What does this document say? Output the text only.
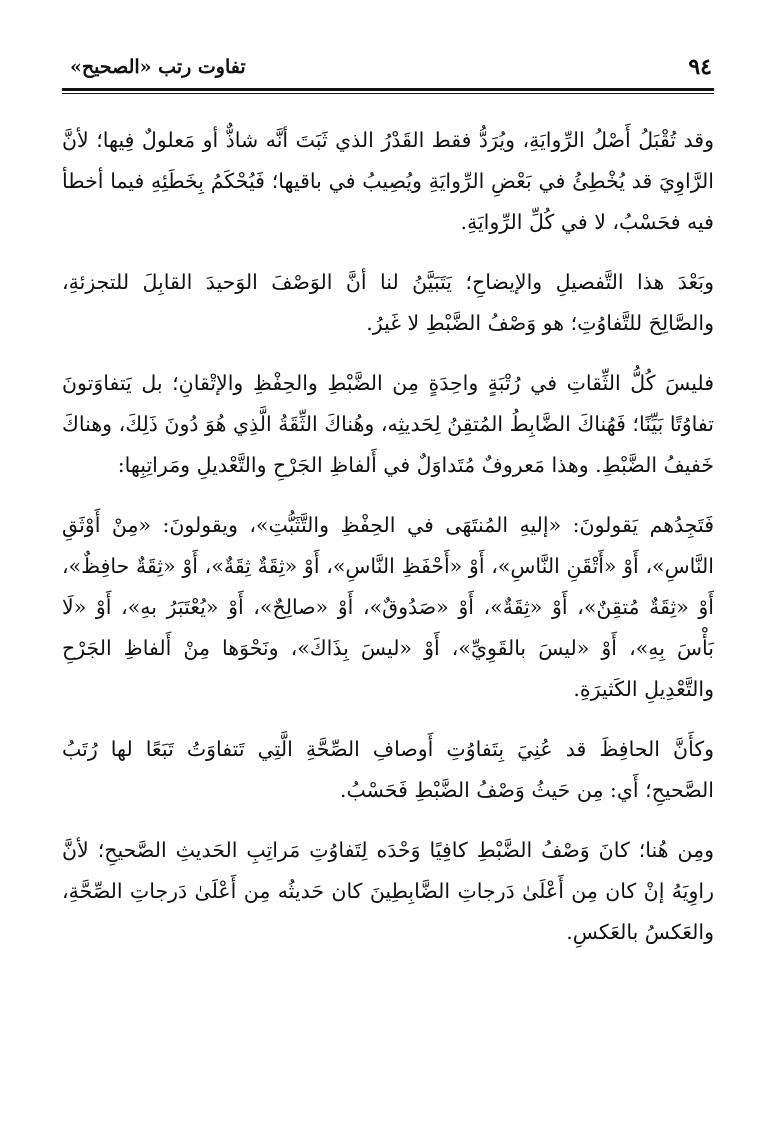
٩٤
تفاوت رتب «الصحيح»

وقد تُقْبَلُ أَصْلُ الرِّوايَةِ، ويُرَدُّ فقط القَدْرُ الذي ثَبَتَ أنَّه شاذٌّ أو مَعلولٌ فِيها؛ لأنَّ الرَّاوِيَ قد يُخْطِئُ في بَعْضِ الرِّوايَةِ ويُصِيبُ في باقيها؛ فَيُحْكَمُ بِخَطَئِهِ فيما أخطأ فيه فحَسْبُ، لا في كُلِّ الرِّوايَةِ.

وبَعْدَ هذا التَّفصيلِ والإيضاحِ؛ يَتَبَيَّنُ لنا أنَّ الوَصْفَ الوَحيدَ القابِلَ للتجزئةِ، والصَّالِحَ للتَّفاوُتِ؛ هو وَصْفُ الضَّبْطِ لا غَيرُ.

فليسَ كُلُّ الثِّقاتِ في رُتْبَةٍ واحِدَةٍ مِن الضَّبْطِ والحِفْظِ والإتْقانِ؛ بل يَتفاوَتونَ تفاوُتًا بَيِّنًا؛ فَهُناكَ الضَّابِطُ المُتقِنُ لِحَديثِه، وهُناكَ الثِّقَةُ الَّذِي هُوَ دُونَ ذَلِكَ، وهناكَ خَفيفُ الضَّبْطِ. وهذا مَعروفٌ مُتَداوَلٌ في أَلفاظِ الجَرْحِ والتَّعْديلِ ومَراتِبِها:

فَتَجِدُهم يَقولونَ: «إليهِ المُنتَهَى في الحِفْظِ والتَّثَبُّتِ»، ويقولونَ: «مِنْ أَوْثَقِ النَّاسِ»، أَوْ «أَتْقَنِ النَّاسِ»، أَوْ «أَحْفَظِ النَّاسِ»، أَوْ «ثِقَةٌ ثِقَةٌ»، أَوْ «ثِقَةٌ حافِظٌ»، أَوْ «ثِقَةٌ مُتقِنٌ»، أَوْ «ثِقَةٌ»، أَوْ «صَدُوقٌ»، أَوْ «صالِحٌ»، أَوْ «يُعْتَبَرُ بهِ»، أَوْ «لَا بَأْسَ بِهِ»، أَوْ «ليسَ بالقَوِيِّ»، أَوْ «ليسَ بِذَاكَ»، ونَحْوَها مِنْ أَلفاظِ الجَرْحِ والتَّعْدِيلِ الكَثيرَةِ.

وكأَنَّ الحافِظَ قد عُنِيَ بِتَفاوُتِ أَوصافِ الصِّحَّةِ الَّتِي تَتفاوَتُ تَبَعًا لها رُتَبُ الصَّحيحِ؛ أَي: مِن حَيثُ وَصْفُ الضَّبْطِ فَحَسْبُ.

ومِن هُنا؛ كانَ وَصْفُ الضَّبْطِ كافِيًا وَحْدَه لِتَفاوُتِ مَراتِبِ الحَديثِ الصَّحيحِ؛ لأنَّ راوِيَهُ إنْ كان مِن أَعْلَىٰ دَرجاتِ الضَّابِطِينَ كان حَديثُه مِن أَعْلَىٰ دَرجاتِ الصِّحَّةِ، والعَكسُ بالعَكسِ.
